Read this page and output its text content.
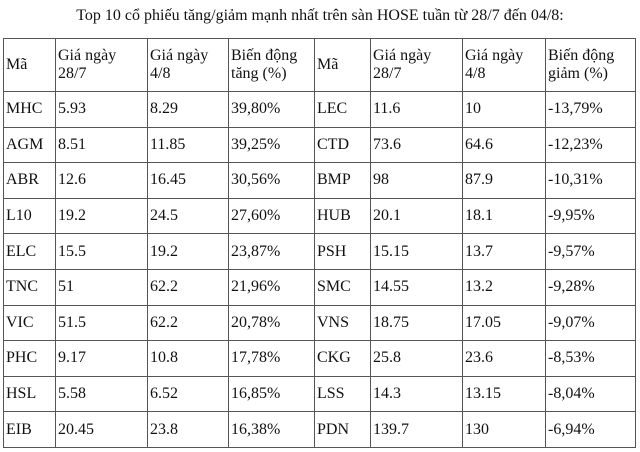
Top 10 cổ phiếu tăng/giảm mạnh nhất trên sàn HOSE tuần từ 28/7 đến 04/8:
Mã	Giá ngày 28/7	Giá ngày 4/8	Biến động tăng (%)	Mã	Giá ngày 28/7	Giá ngày 4/8	Biến động giảm (%)
MHC	5.93	8.29	39,80%	LEC	11.6	10	-13,79%
AGM	8.51	11.85	39,25%	CTD	73.6	64.6	-12,23%
ABR	12.6	16.45	30,56%	BMP	98	87.9	-10,31%
L10	19.2	24.5	27,60%	HUB	20.1	18.1	-9,95%
ELC	15.5	19.2	23,87%	PSH	15.15	13.7	-9,57%
TNC	51	62.2	21,96%	SMC	14.55	13.2	-9,28%
VIC	51.5	62.2	20,78%	VNS	18.75	17.05	-9,07%
PHC	9.17	10.8	17,78%	CKG	25.8	23.6	-8,53%
HSL	5.58	6.52	16,85%	LSS	14.3	13.15	-8,04%
EIB	20.45	23.8	16,38%	PDN	139.7	130	-6,94%
